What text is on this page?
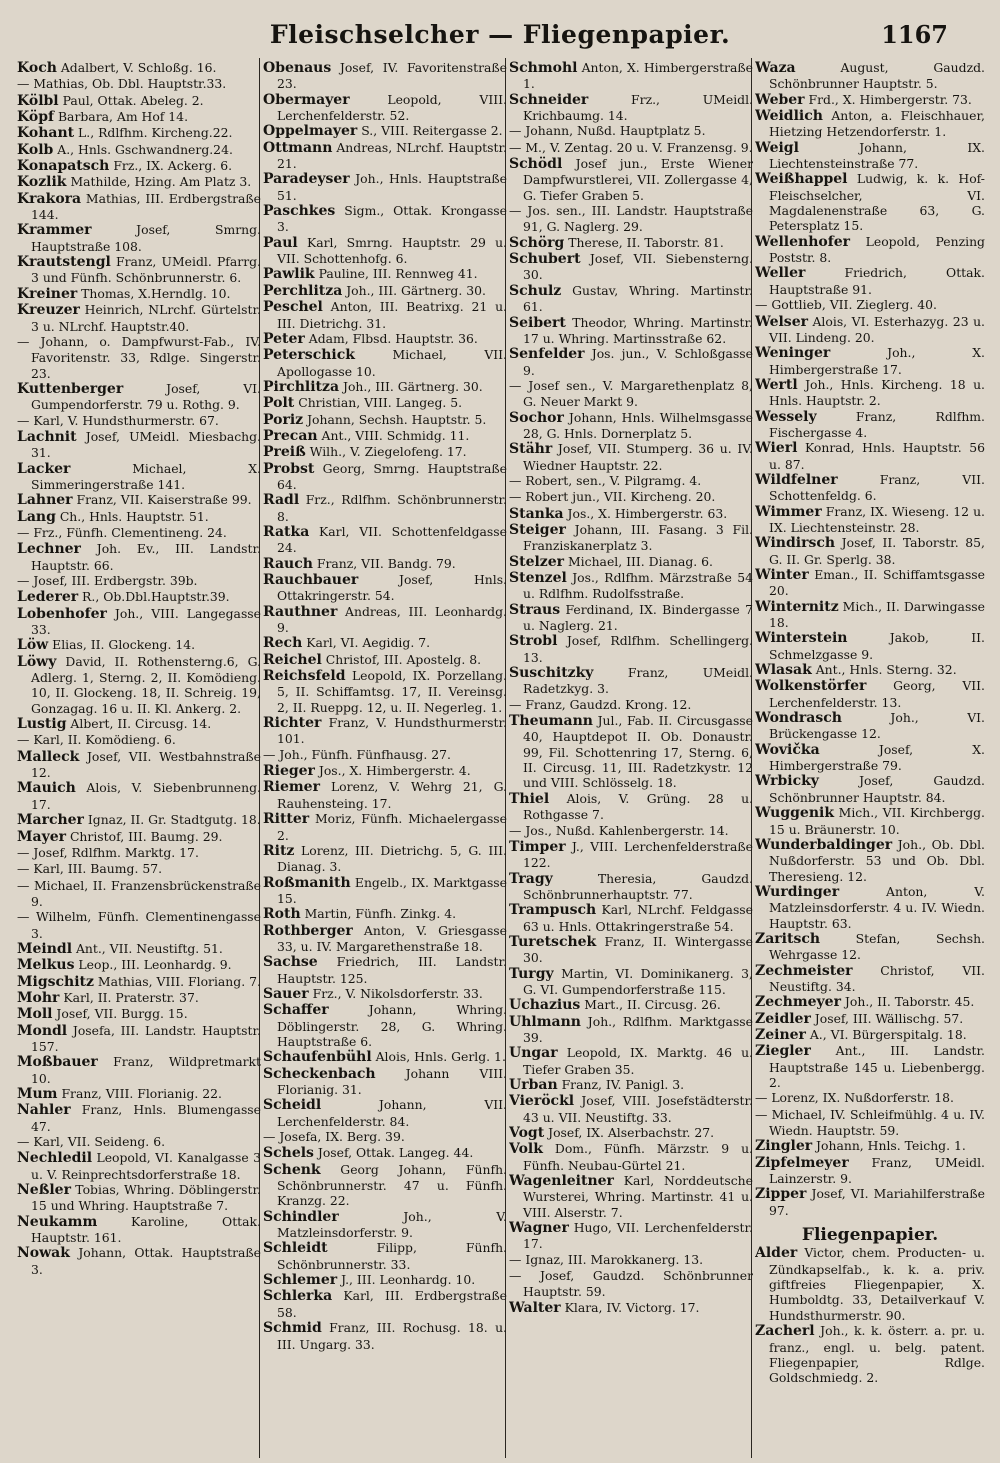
Fleischselcher — Fliegenpapier.	1167

Koch Adalbert, V. Schloßg. 16.

— Mathias, Ob. Dbl. Hauptstr.33.

Kölbl Paul, Ottak. Abeleg. 2.

Köpf Barbara, Am Hof 14.

Kohant L., Rdlfhm. Kircheng.22.

Kolb A., Hnls. Gschwandnerg.24.

Konapatsch Frz., IX. Ackerg. 6.

Kozlik Mathilde, Hzing. Am Platz 3.

Krakora Mathias, III. Erdbergstraße 144.

Krammer Josef, Smrng. Hauptstraße 108.

Krautstengl Franz, UMeidl. Pfarrg. 3 und Fünfh. Schönbrunnerstr. 6.

Kreiner Thomas, X.Herndlg. 10.

Kreuzer Heinrich, NLrchf. Gürtelstr. 3 u. NLrchf. Hauptstr.40.

— Johann, o. Dampfwurst-Fab., IV. Favoritenstr. 33, Rdlge. Singerstr. 23.

Kuttenberger Josef, VI. Gumpendorferstr. 79 u. Rothg. 9.

— Karl, V. Hundsthurmerstr. 67.

Lachnit Josef, UMeidl. Miesbachg. 31.

Lacker Michael, X. Simmeringerstraße 141.

Lahner Franz, VII. Kaiserstraße 99.

Lang Ch., Hnls. Hauptstr. 51.

— Frz., Fünfh. Clementineng. 24.

Lechner Joh. Ev., III. Landstr. Hauptstr. 66.

— Josef, III. Erdbergstr. 39b.

Lederer R., Ob.Dbl.Hauptstr.39.

Lobenhofer Joh., VIII. Langegasse 33.

Löw Elias, II. Glockeng. 14.

Löwy David, II. Rothensterng.6, G. Adlerg. 1, Sterng. 2, II. Komödieng. 10, II. Glockeng. 18, II. Schreig. 19, Gonzagag. 16 u. II. Kl. Ankerg. 2.

Lustig Albert, II. Circusg. 14.

— Karl, II. Komödieng. 6.

Malleck Josef, VII. Westbahnstraße 12.

Mauich Alois, V. Siebenbrunneng. 17.

Marcher Ignaz, II. Gr. Stadtgutg. 18.

Mayer Christof, III. Baumg. 29.

— Josef, Rdlfhm. Marktg. 17.

— Karl, III. Baumg. 57.

— Michael, II. Franzensbrückenstraße 9.

— Wilhelm, Fünfh. Clementinengasse 3.

Meindl Ant., VII. Neustiftg. 51.

Melkus Leop., III. Leonhardg. 9.

Migschitz Mathias, VIII. Floriang. 7.

Mohr Karl, II. Praterstr. 37.

Moll Josef, VII. Burgg. 15.

Mondl Josefa, III. Landstr. Hauptstr. 157.

Moßbauer Franz, Wildpretmarkt 10.

Mum Franz, VIII. Florianig. 22.

Nahler Franz, Hnls. Blumengasse 47.

— Karl, VII. Seideng. 6.

Nechledil Leopold, VI. Kanalgasse 3 u. V. Reinprechtsdorferstraße 18.

Neßler Tobias, Whring. Döblingerstr. 15 und Whring. Hauptstraße 7.

Neukamm Karoline, Ottak. Hauptstr. 161.

Nowak Johann, Ottak. Hauptstraße 3.

Obenaus Josef, IV. Favoritenstraße 23.

Obermayer Leopold, VIII. Lerchenfelderstr. 52.

Oppelmayer S., VIII. Reitergasse 2.

Ottmann Andreas, NLrchf. Hauptstr. 21.

Paradeyser Joh., Hnls. Hauptstraße 51.

Paschkes Sigm., Ottak. Krongasse 3.

Paul Karl, Smrng. Hauptstr. 29 u. VII. Schottenhofg. 6.

Pawlik Pauline, III. Rennweg 41.

Perchlitza Joh., III. Gärtnerg. 30.

Peschel Anton, III. Beatrixg. 21 u. III. Dietrichg. 31.

Peter Adam, Flbsd. Hauptstr. 36.

Peterschick Michael, VII. Apollogasse 10.

Pirchlitza Joh., III. Gärtnerg. 30.

Polt Christian, VIII. Langeg. 5.

Poriz Johann, Sechsh. Hauptstr. 5.

Precan Ant., VIII. Schmidg. 11.

Preiß Wilh., V. Ziegelofeng. 17.

Probst Georg, Smrng. Hauptstraße 64.

Radl Frz., Rdlfhm. Schönbrunnerstr. 8.

Ratka Karl, VII. Schottenfeldgasse 24.

Rauch Franz, VII. Bandg. 79.

Rauchbauer Josef, Hnls. Ottakringerstr. 54.

Rauthner Andreas, III. Leonhardg. 9.

Rech Karl, VI. Aegidig. 7.

Reichel Christof, III. Apostelg. 8.

Reichsfeld Leopold, IX. Porzellang. 5, II. Schiffamtsg. 17, II. Vereinsg. 2, II. Rueppg. 12, u. II. Negerleg. 1.

Richter Franz, V. Hundsthurmerstr. 101.

— Joh., Fünfh. Fünfhausg. 27.

Rieger Jos., X. Himbergerstr. 4.

Riemer Lorenz, V. Wehrg 21, G. Rauhensteing. 17.

Ritter Moriz, Fünfh. Michaelergasse 2.

Ritz Lorenz, III. Dietrichg. 5, G. III. Dianag. 3.

Roßmanith Engelb., IX. Marktgasse 15.

Roth Martin, Fünfh. Zinkg. 4.

Rothberger Anton, V. Griesgasse 33, u. IV. Margarethenstraße 18.

Sachse Friedrich, III. Landstr. Hauptstr. 125.

Sauer Frz., V. Nikolsdorferstr. 33.

Schaffer Johann, Whring. Döblingerstr. 28, G. Whring. Hauptstraße 6.

Schaufenbühl Alois, Hnls. Gerlg. 1.

Scheckenbach Johann VIII. Florianig. 31.

Scheidl Johann, VII. Lerchenfelderstr. 84.

— Josefa, IX. Berg. 39.

Schels Josef, Ottak. Langeg. 44.

Schenk Georg Johann, Fünfh. Schönbrunnerstr. 47 u. Fünfh. Kranzg. 22.

Schindler Joh., V. Matzleinsdorferstr. 9.

Schleidt Filipp, Fünfh. Schönbrunnerstr. 33.

Schlemer J., III. Leonhardg. 10.

Schlerka Karl, III. Erdbergstraße 58.

Schmid Franz, III. Rochusg. 18. u. III. Ungarg. 33.

Schmohl Anton, X. Himbergerstraße 1.

Schneider Frz., UMeidl. Krichbaumg. 14.

— Johann, Nußd. Hauptplatz 5.

— M., V. Zentag. 20 u. V. Franzensg. 9.

Schödl Josef jun., Erste Wiener Dampfwurstlerei, VII. Zollergasse 4, G. Tiefer Graben 5.

— Jos. sen., III. Landstr. Hauptstraße 91, G. Naglerg. 29.

Schörg Therese, II. Taborstr. 81.

Schubert Josef, VII. Siebensterng. 30.

Schulz Gustav, Whring. Martinstr. 61.

Seibert Theodor, Whring. Martinstr. 17 u. Whring. Martinsstraße 62.

Senfelder Jos. jun., V. Schloßgasse 9.

— Josef sen., V. Margarethenplatz 8, G. Neuer Markt 9.

Sochor Johann, Hnls. Wilhelmsgasse 28, G. Hnls. Dornerplatz 5.

Stähr Josef, VII. Stumperg. 36 u. IV. Wiedner Hauptstr. 22.

— Robert, sen., V. Pilgramg. 4.

— Robert jun., VII. Kircheng. 20.

Stanka Jos., X. Himbergerstr. 63.

Steiger Johann, III. Fasang. 3 Fil. Franziskanerplatz 3.

Stelzer Michael, III. Dianag. 6.

Stenzel Jos., Rdlfhm. Märzstraße 54 u. Rdlfhm. Rudolfsstraße.

Straus Ferdinand, IX. Bindergasse 7 u. Naglerg. 21.

Strobl Josef, Rdlfhm. Schellingerg. 13.

Suschitzky Franz, UMeidl. Radetzkyg. 3.

— Franz, Gaudzd. Krong. 12.

Theumann Jul., Fab. II. Circusgasse 40, Hauptdepot II. Ob. Donaustr. 99, Fil. Schottenring 17, Sterng. 6, II. Circusg. 11, III. Radetzkystr. 12 und VIII. Schlösselg. 18.

Thiel Alois, V. Grüng. 28 u. Rothgasse 7.

— Jos., Nußd. Kahlenbergerstr. 14.

Timper J., VIII. Lerchenfelderstraße 122.

Tragy Theresia, Gaudzd. Schönbrunnerhauptstr. 77.

Trampusch Karl, NLrchf. Feldgasse 63 u. Hnls. Ottakringerstraße 54.

Turetschek Franz, II. Wintergasse 30.

Turgy Martin, VI. Dominikanerg. 3, G. VI. Gumpendorferstraße 115.

Uchazius Mart., II. Circusg. 26.

Uhlmann Joh., Rdlfhm. Marktgasse 39.

Ungar Leopold, IX. Marktg. 46 u. Tiefer Graben 35.

Urban Franz, IV. Panigl. 3.

Vieröckl Josef, VIII. Josefstädterstr. 43 u. VII. Neustiftg. 33.

Vogt Josef, IX. Alserbachstr. 27.

Volk Dom., Fünfh. Märzstr. 9 u. Fünfh. Neubau-Gürtel 21.

Wagenleitner Karl, Norddeutsche Wursterei, Whring. Martinstr. 41 u. VIII. Alserstr. 7.

Wagner Hugo, VII. Lerchenfelderstr. 17.

— Ignaz, III. Marokkanerg. 13.

— Josef, Gaudzd. Schönbrunner Hauptstr. 59.

Walter Klara, IV. Victorg. 17.

Waza August, Gaudzd. Schönbrunner Hauptstr. 5.

Weber Frd., X. Himbergerstr. 73.

Weidlich Anton, a. Fleischhauer, Hietzing Hetzendorferstr. 1.

Weigl Johann, IX. Liechtensteinstraße 77.

Weißhappel Ludwig, k. k. Hof-Fleischselcher, VI. Magdalenenstraße 63, G. Petersplatz 15.

Wellenhofer Leopold, Penzing Poststr. 8.

Weller Friedrich, Ottak. Hauptstraße 91.

— Gottlieb, VII. Zieglerg. 40.

Welser Alois, VI. Esterhazyg. 23 u. VII. Lindeng. 20.

Weninger Joh., X. Himbergerstraße 17.

Wertl Joh., Hnls. Kircheng. 18 u. Hnls. Hauptstr. 2.

Wessely Franz, Rdlfhm. Fischergasse 4.

Wierl Konrad, Hnls. Hauptstr. 56 u. 87.

Wildfelner Franz, VII. Schottenfeldg. 6.

Wimmer Franz, IX. Wieseng. 12 u. IX. Liechtensteinstr. 28.

Windirsch Josef, II. Taborstr. 85, G. II. Gr. Sperlg. 38.

Winter Eman., II. Schiffamtsgasse 20.

Winternitz Mich., II. Darwingasse 18.

Winterstein Jakob, II. Schmelzgasse 9.

Wlasak Ant., Hnls. Sterng. 32.

Wolkenstörfer Georg, VII. Lerchenfelderstr. 13.

Wondrasch Joh., VI. Brückengasse 12.

Wovička Josef, X. Himbergerstraße 79.

Wrbicky Josef, Gaudzd. Schönbrunner Hauptstr. 84.

Wuggenik Mich., VII. Kirchbergg. 15 u. Bräunerstr. 10.

Wunderbaldinger Joh., Ob. Dbl. Nußdorferstr. 53 und Ob. Dbl. Theresieng. 12.

Wurdinger Anton, V. Matzleinsdorferstr. 4 u. IV. Wiedn. Hauptstr. 63.

Zaritsch Stefan, Sechsh. Wehrgasse 12.

Zechmeister Christof, VII. Neustiftg. 34.

Zechmeyer Joh., II. Taborstr. 45.

Zeidler Josef, III. Wällischg. 57.

Zeiner A., VI. Bürgerspitalg. 18.

Ziegler Ant., III. Landstr. Hauptstraße 145 u. Liebenbergg. 2.

— Lorenz, IX. Nußdorferstr. 18.

— Michael, IV. Schleifmühlg. 4 u. IV. Wiedn. Hauptstr. 59.

Zingler Johann, Hnls. Teichg. 1.

Zipfelmeyer Franz, UMeidl. Lainzerstr. 9.

Zipper Josef, VI. Mariahilferstraße 97.

Fliegenpapier.

Alder Victor, chem. Producten- u. Zündkapselfab., k. k. a. priv. giftfreies Fliegenpapier, X. Humboldtg. 33, Detailverkauf V. Hundsthurmerstr. 90.

Zacherl Joh., k. k. österr. a. pr. u. franz., engl. u. belg. patent. Fliegenpapier, Rdlge. Goldschmiedg. 2.
